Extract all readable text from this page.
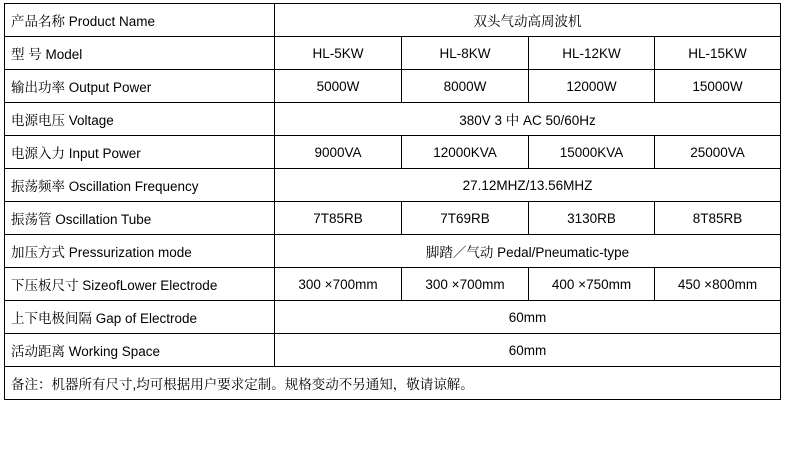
产品名称 Product Name	双头气动高周波机			
型 号 Model	HL-5KW	HL-8KW	HL-12KW	HL-15KW
输出功率 Output Power	5000W	8000W	12000W	15000W
电源电压 Voltage	380V 3 中 AC 50/60Hz			
电源入力 Input Power	9000VA	12000KVA	15000KVA	25000VA
振荡频率 Oscillation Frequency	27.12MHZ/13.56MHZ			
振荡管 Oscillation Tube	7T85RB	7T69RB	3130RB	8T85RB
加压方式 Pressurization mode	脚踏／气动 Pedal/Pneumatic-type			
下压板尺寸 SizeofLower Electrode	300 ×700mm	300 ×700mm	400 ×750mm	450 ×800mm
上下电极间隔 Gap of Electrode	60mm			
活动距离 Working Space	60mm			
备注：机器所有尺寸,均可根据用户要求定制。规格变动不另通知，敬请谅解。				
